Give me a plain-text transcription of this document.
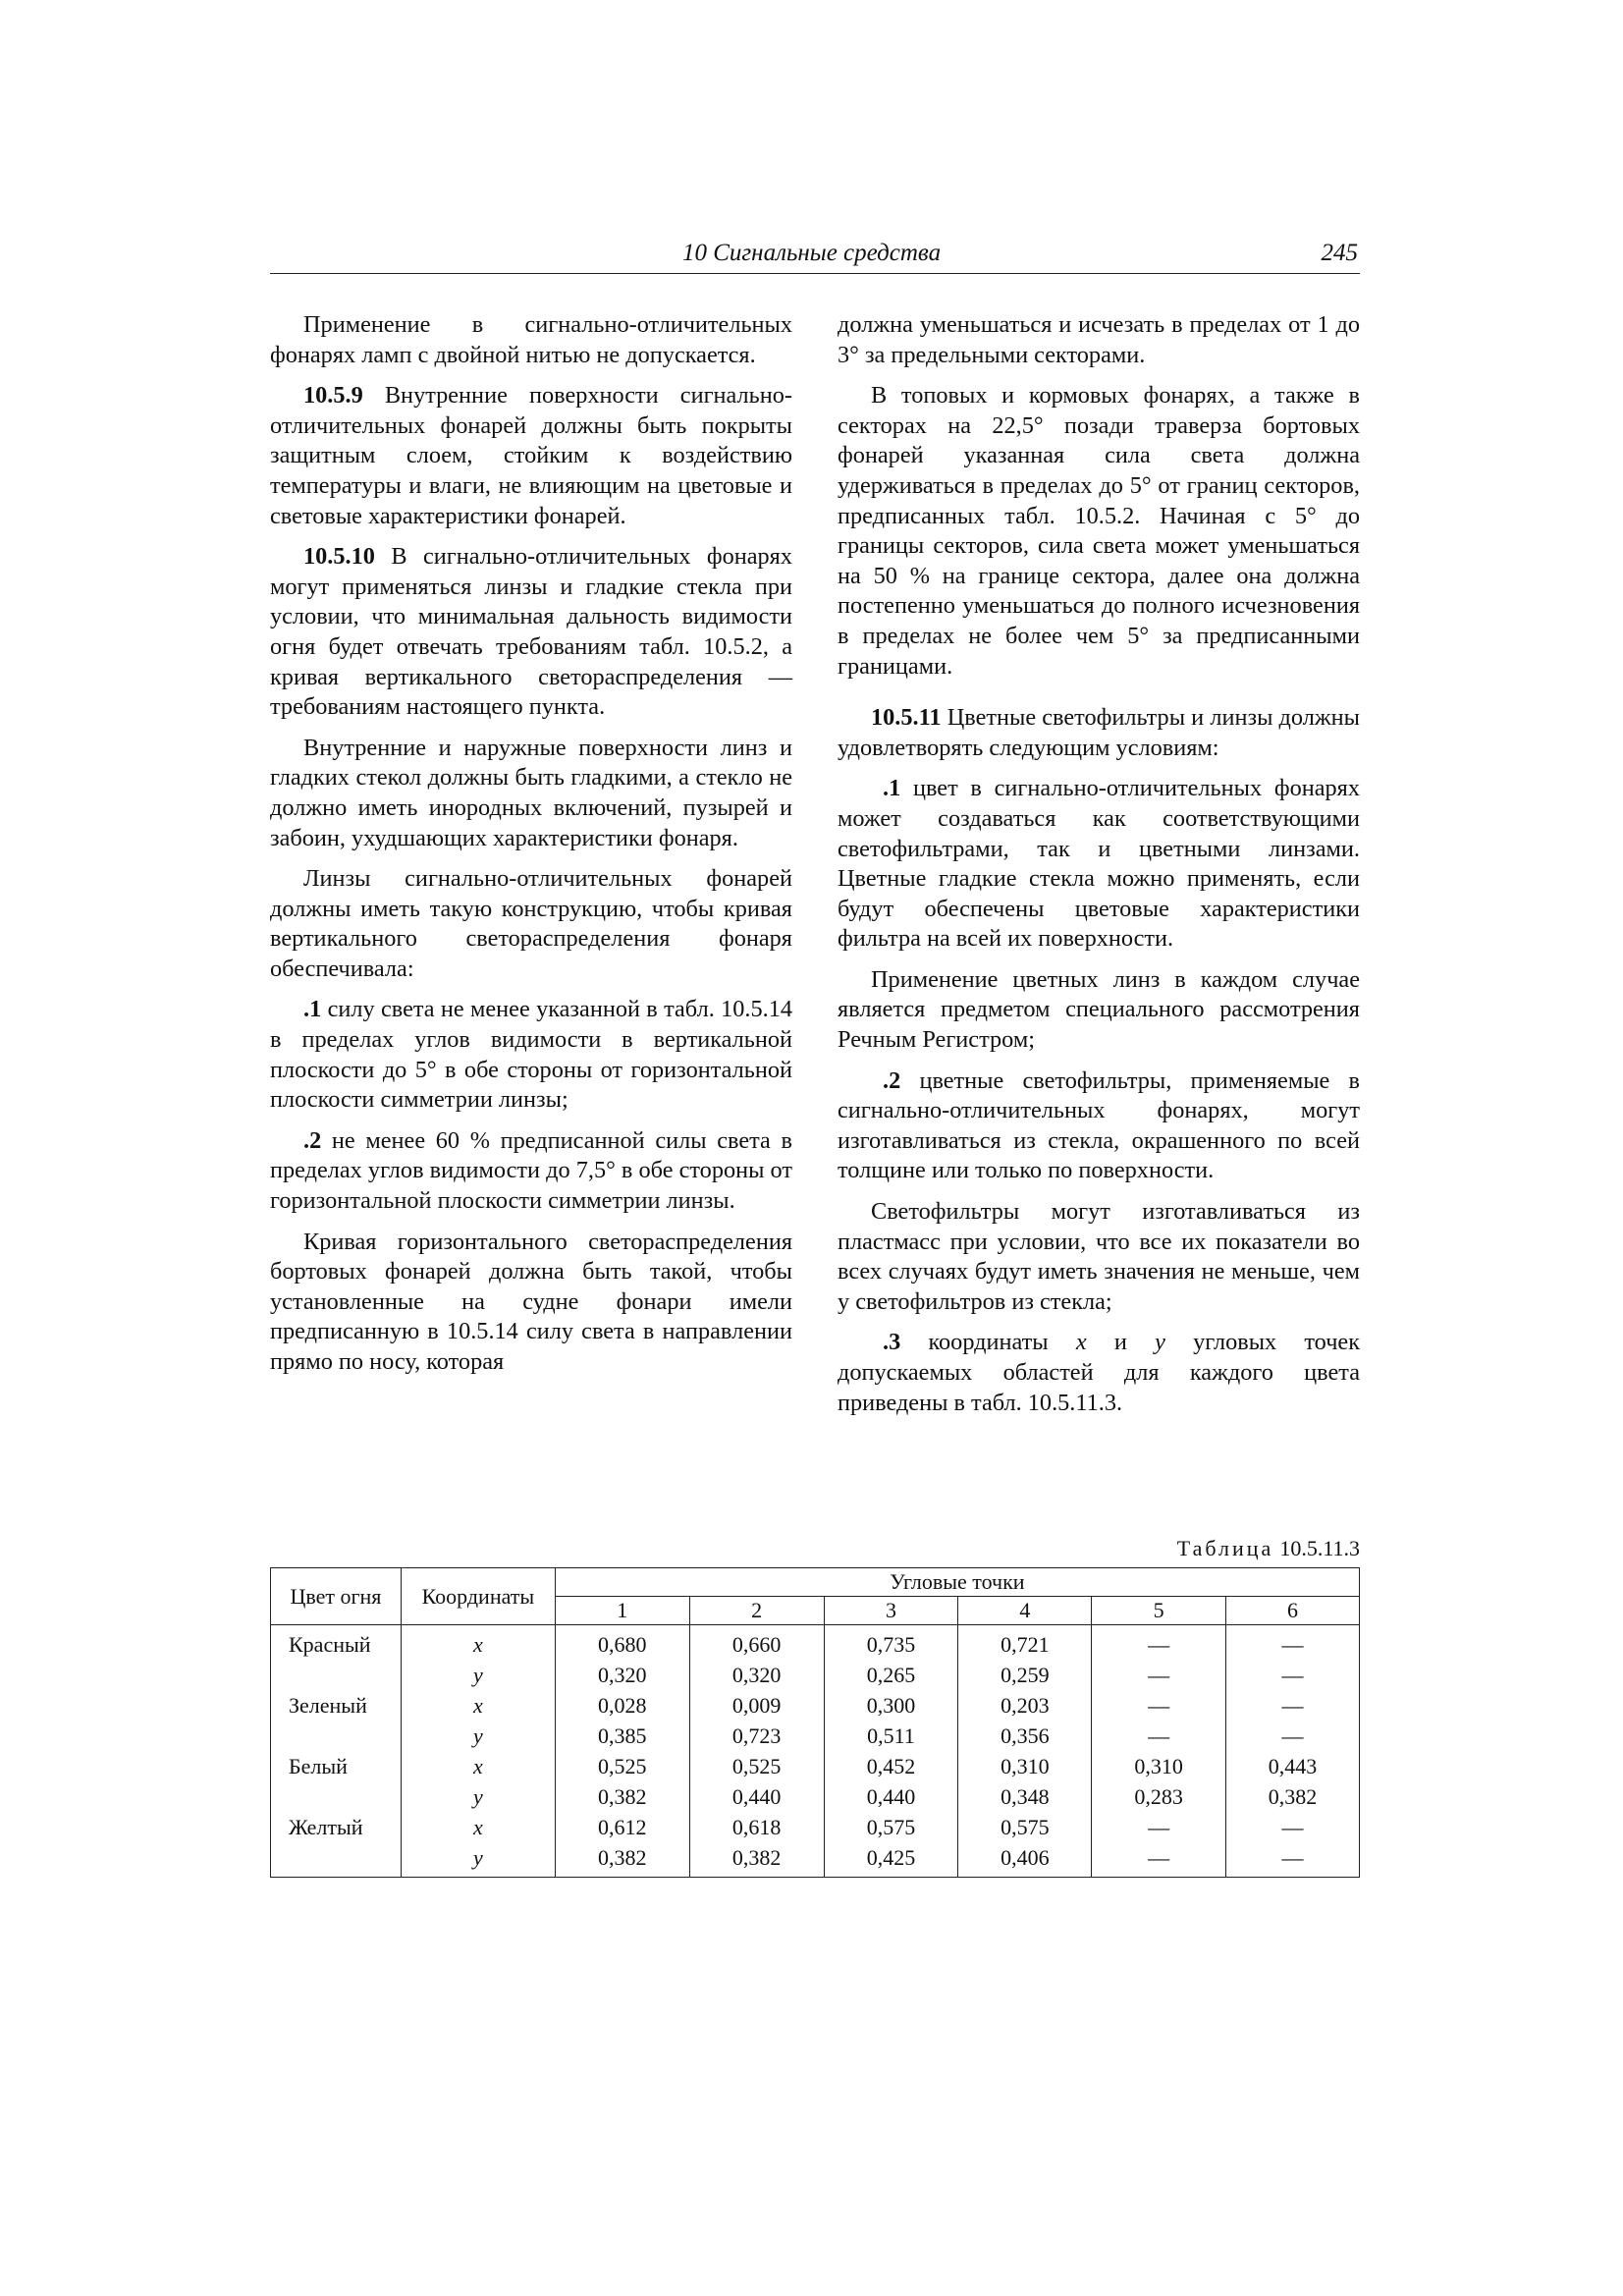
10 Сигнальные средства	245

Применение в сигнально-отличительных фонарях ламп с двойной нитью не допускается.

10.5.9 Внутренние поверхности сигнально-отличительных фонарей должны быть покрыты защитным слоем, стойким к воздействию температуры и влаги, не влияющим на цветовые и световые характеристики фонарей.

10.5.10 В сигнально-отличительных фонарях могут применяться линзы и гладкие стекла при условии, что минимальная дальность видимости огня будет отвечать требованиям табл. 10.5.2, а кривая вертикального светораспределения — требованиям настоящего пункта.

Внутренние и наружные поверхности линз и гладких стекол должны быть гладкими, а стекло не должно иметь инородных включений, пузырей и забоин, ухудшающих характеристики фонаря.

Линзы сигнально-отличительных фонарей должны иметь такую конструкцию, чтобы кривая вертикального светораспределения фонаря обеспечивала:

.1 силу света не менее указанной в табл. 10.5.14 в пределах углов видимости в вертикальной плоскости до 5° в обе стороны от горизонтальной плоскости симметрии линзы;

.2 не менее 60 % предписанной силы света в пределах углов видимости до 7,5° в обе стороны от горизонтальной плоскости симметрии линзы.

Кривая горизонтального светораспределения бортовых фонарей должна быть такой, чтобы установленные на судне фонари имели предписанную в 10.5.14 силу света в направлении прямо по носу, которая

должна уменьшаться и исчезать в пределах от 1 до 3° за предельными секторами.

В топовых и кормовых фонарях, а также в секторах на 22,5° позади траверза бортовых фонарей указанная сила света должна удерживаться в пределах до 5° от границ секторов, предписанных табл. 10.5.2. Начиная с 5° до границы секторов, сила света может уменьшаться на 50 % на границе сектора, далее она должна постепенно уменьшаться до полного исчезновения в пределах не более чем 5° за предписанными границами.

10.5.11 Цветные светофильтры и линзы должны удовлетворять следующим условиям:

.1 цвет в сигнально-отличительных фонарях может создаваться как соответствующими светофильтрами, так и цветными линзами. Цветные гладкие стекла можно применять, если будут обеспечены цветовые характеристики фильтра на всей их поверхности.

Применение цветных линз в каждом случае является предметом специального рассмотрения Речным Регистром;

.2 цветные светофильтры, применяемые в сигнально-отличительных фонарях, могут изготавливаться из стекла, окрашенного по всей толщине или только по поверхности.

Светофильтры могут изготавливаться из пластмасс при условии, что все их показатели во всех случаях будут иметь значения не меньше, чем у светофильтров из стекла;

.3 координаты x и y угловых точек допускаемых областей для каждого цвета приведены в табл. 10.5.11.3.

Таблица 10.5.11.3
Цвет огня	Координаты	Угловые точки					
		1	2	3	4	5	6
Красный	x	0,680	0,660	0,735	0,721	—	—
	y	0,320	0,320	0,265	0,259	—	—
Зеленый	x	0,028	0,009	0,300	0,203	—	—
	y	0,385	0,723	0,511	0,356	—	—
Белый	x	0,525	0,525	0,452	0,310	0,310	0,443
	y	0,382	0,440	0,440	0,348	0,283	0,382
Желтый	x	0,612	0,618	0,575	0,575	—	—
	y	0,382	0,382	0,425	0,406	—	—
